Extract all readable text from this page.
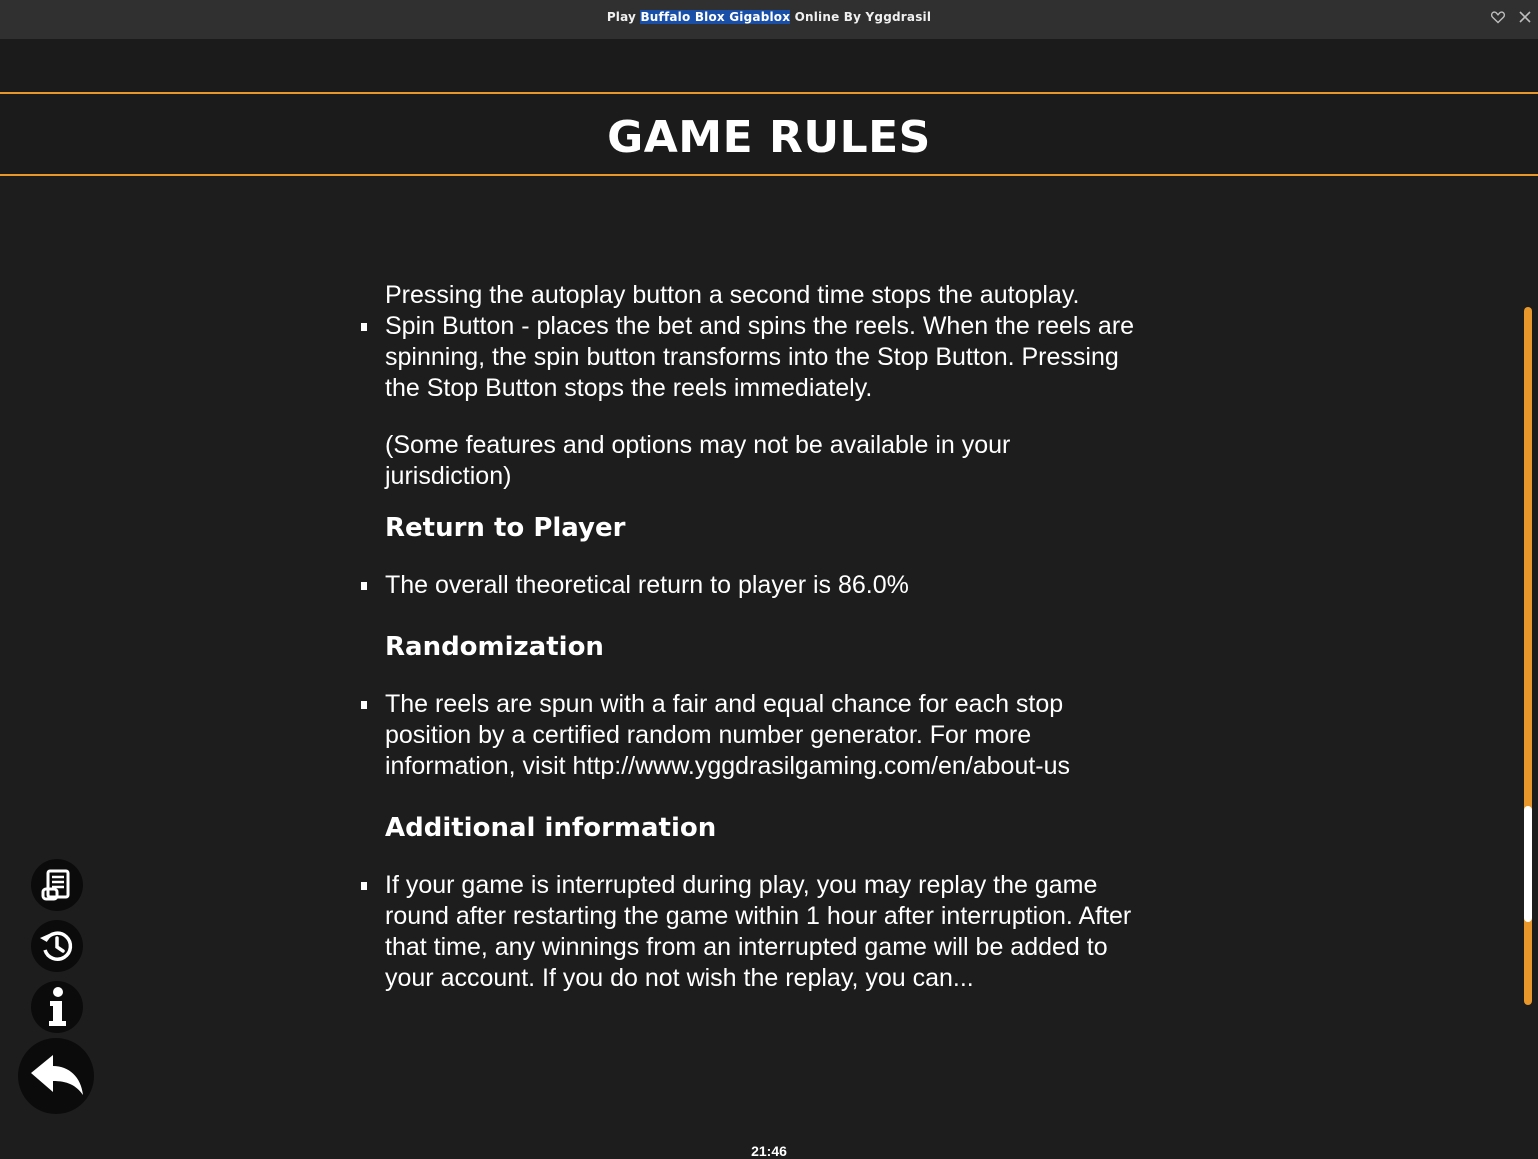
Play Buffalo Blox Gigablox Online By Yggdrasil
GAME RULES

Pressing the autoplay button a second time stops the autoplay.

Spin Button - places the bet and spins the reels. When the reels are spinning, the spin button transforms into the Stop Button. Pressing the Stop Button stops the reels immediately.

(Some features and options may not be available in your jurisdiction)

Return to Player
The overall theoretical return to player is 86.0%
Randomization
The reels are spun with a fair and equal chance for each stop position by a certified random number generator. For more information, visit http://www.yggdrasilgaming.com/en/about-us
Additional information
If your game is interrupted during play, you may replay the game round after restarting the game within 1 hour after interruption. After that time, any winnings from an interrupted game will be added to your account. If you do not wish the replay, you can...
21:46
